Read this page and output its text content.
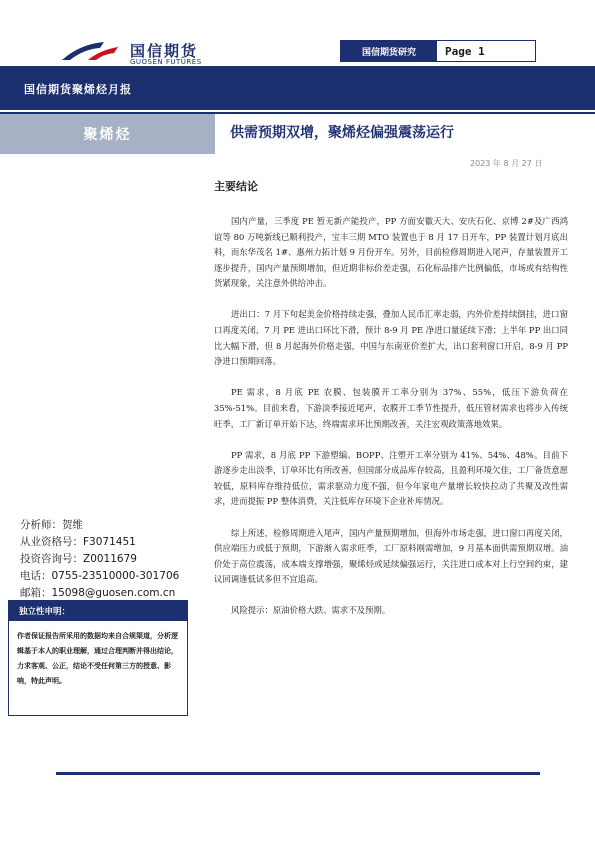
国信期货
GUOSEN FUTURES
国信期货研究	Page 1
国信期货聚烯烃月报
聚烯烃	供需预期双增，聚烯烃偏强震荡运行
2023 年 8 月 27 日
主要结论

国内产量，三季度 PE 暂无新产能投产，PP 方面安徽天大、安庆石化、京博 2#及广西鸿谊等 80 万吨新线已顺利投产，宝丰三期 MTO 装置也于 8 月 17 日开车，PP 装置计划月底出料，而东华茂名 1#、惠州力拓计划 9 月份开车。另外，目前检修周期进入尾声，存量装置开工逐步提升，国内产量预期增加，但近期非标价差走强，石化标品排产比例偏低，市场或有结构性货紧现象，关注意外供给冲击。

进出口：7 月下旬起美金价格持续走强，叠加人民币汇率走弱，内外价差持续倒挂，进口窗口再度关闭，7 月 PE 进出口环比下滑，预计 8-9 月 PE 净进口量延续下滑；上半年 PP 出口同比大幅下滑，但 8 月起海外价格走强，中国与东南亚价差扩大，出口套利窗口开启，8-9 月 PP 净进口预期回落。

PE 需求，8 月底 PE 农膜、包装膜开工率分别为 37%、55%，低压下游负荷在 35%-51%。目前来看，下游淡季接近尾声，农膜开工季节性提升，低压管材需求也将步入传统旺季，工厂新订单开始下达，终端需求环比预期改善，关注宏观政策落地效果。

PP 需求，8 月底 PP 下游塑编、BOPP、注塑开工率分别为 41%、54%、48%。目前下游逐步走出淡季，订单环比有所改善，但国部分成品库存较高，且盈利环境欠佳，工厂备货意愿较低，原料库存维持低位，需求驱动力度不强，但今年家电产量增长较快拉动了共聚及改性需求，进而提振 PP 整体消费，关注低库存环境下企业补库情况。

综上所述，检修周期进入尾声，国内产量预期增加，但海外市场走强，进口窗口再度关闭，供应端压力或低于预期，下游渐入需求旺季，工厂原料刚需增加，9 月基本面供需预期双增。油价处于高位震荡，成本端支撑增强，聚烯烃或延续偏强运行，关注进口成本对上行空间约束，建议回调逢低试多但不宜追高。

风险提示：原油价格大跌、需求不及预期。

分析师：贺维
从业资格号：F3071451
投资咨询号：Z0011679
电话：0755-23510000-301706
邮箱：15098@guosen.com.cn
独立性申明：
作者保证报告所采用的数据均来自合规渠道，分析逻辑基于本人的职业理解，通过合理判断并得出结论，力求客观、公正，结论不受任何第三方的授意、影响，特此声明。
